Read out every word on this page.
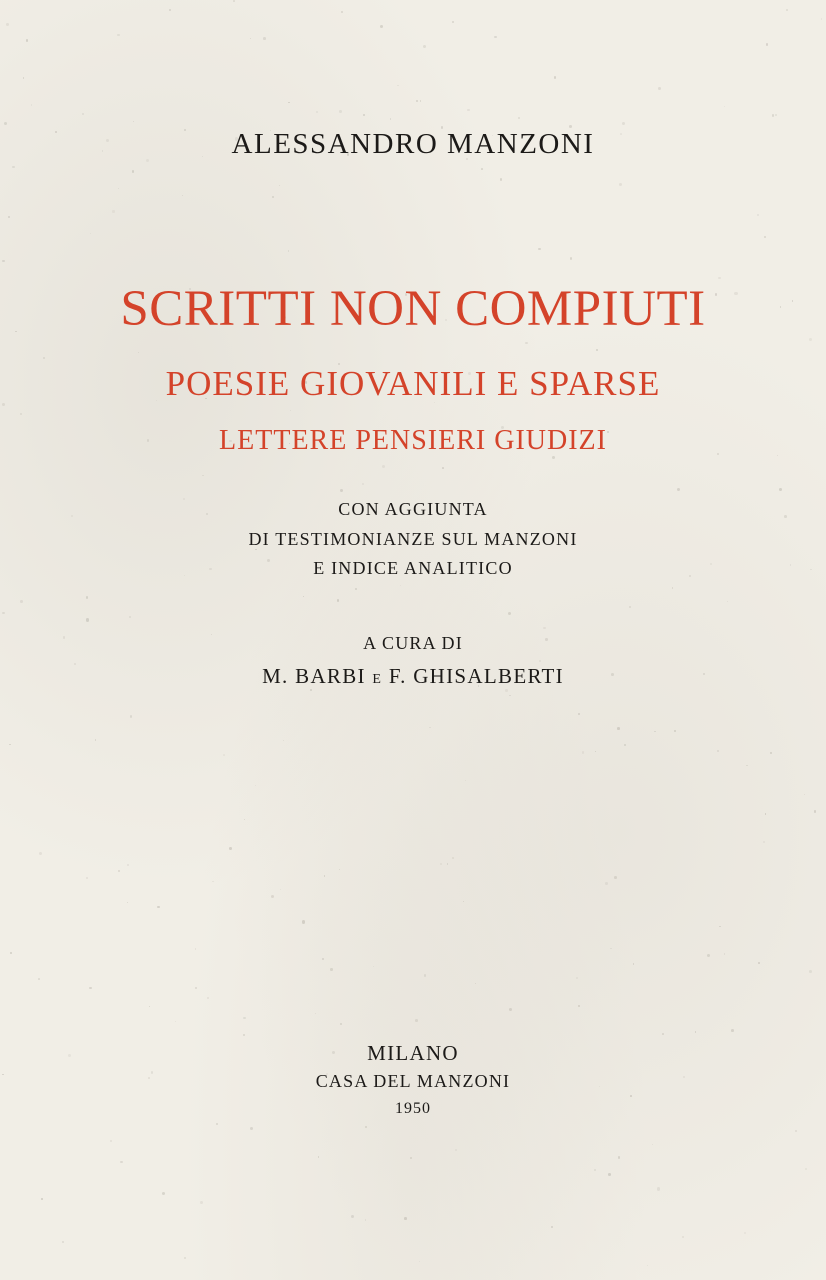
ALESSANDRO MANZONI
SCRITTI NON COMPIUTI
POESIE GIOVANILI E SPARSE
LETTERE PENSIERI GIUDIZI
CON AGGIUNTA
DI TESTIMONIANZE SUL MANZONI
E INDICE ANALITICO
A CURA DI
M. BARBI E F. GHISALBERTI
MILANO
CASA DEL MANZONI
1950
